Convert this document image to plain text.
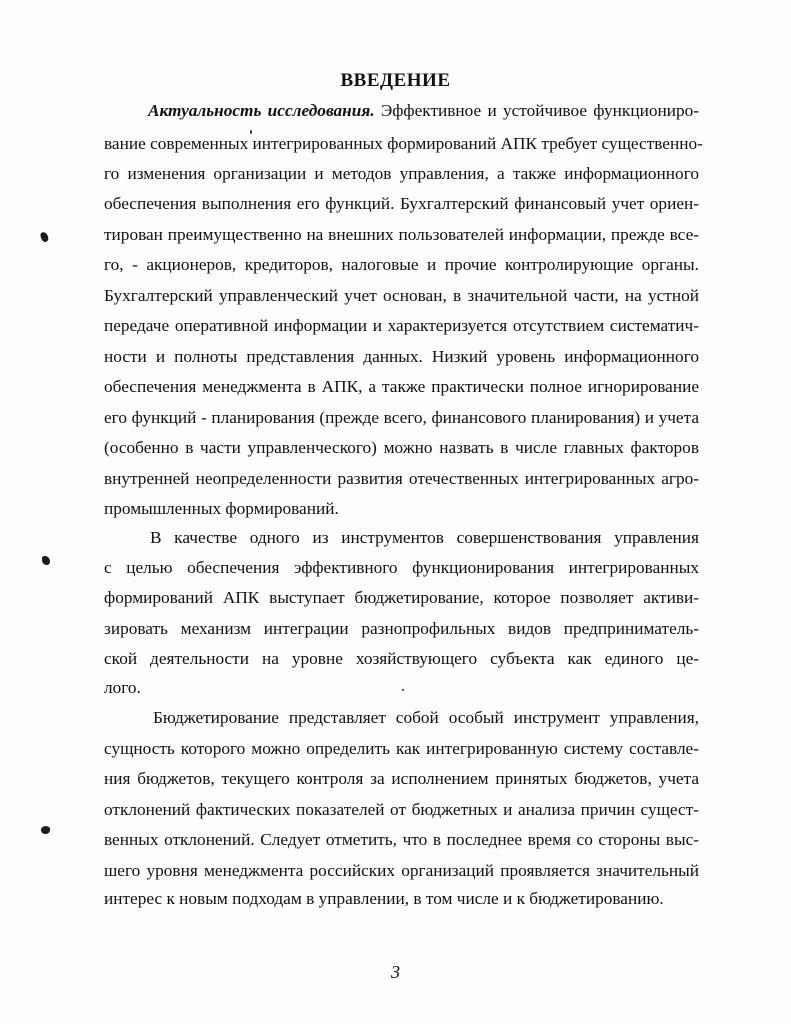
ВВЕДЕНИЕ
Актуальность исследования. Эффективное и устойчивое функциониро-
вание современных интегрированных формирований АПК требует существенно-
го изменения организации и методов управления, а также информационного
обеспечения выполнения его функций. Бухгалтерский финансовый учет ориен-
тирован преимущественно на внешних пользователей информации, прежде все-
го, - акционеров, кредиторов, налоговые и прочие контролирующие органы.
Бухгалтерский управленческий учет основан, в значительной части, на устной
передаче оперативной информации и характеризуется отсутствием систематич-
ности и полноты представления данных. Низкий уровень информационного
обеспечения менеджмента в АПК, а также практически полное игнорирование
его функций - планирования (прежде всего, финансового планирования) и учета
(особенно в части управленческого) можно назвать в числе главных факторов
внутренней неопределенности развития отечественных интегрированных агро-
промышленных формирований.
В качестве одного из инструментов совершенствования управления
с целью обеспечения эффективного функционирования интегрированных
формирований АПК выступает бюджетирование, которое позволяет активи-
зировать механизм интеграции разнопрофильных видов предприниматель-
ской деятельности на уровне хозяйствующего субъекта как единого це-
лого.
Бюджетирование представляет собой особый инструмент управления,
сущность которого можно определить как интегрированную систему составле-
ния бюджетов, текущего контроля за исполнением принятых бюджетов, учета
отклонений фактических показателей от бюджетных и анализа причин сущест-
венных отклонений. Следует отметить, что в последнее время со стороны выс-
шего уровня менеджмента российских организаций проявляется значительный
интерес к новым подходам в управлении, в том числе и к бюджетированию.
3
